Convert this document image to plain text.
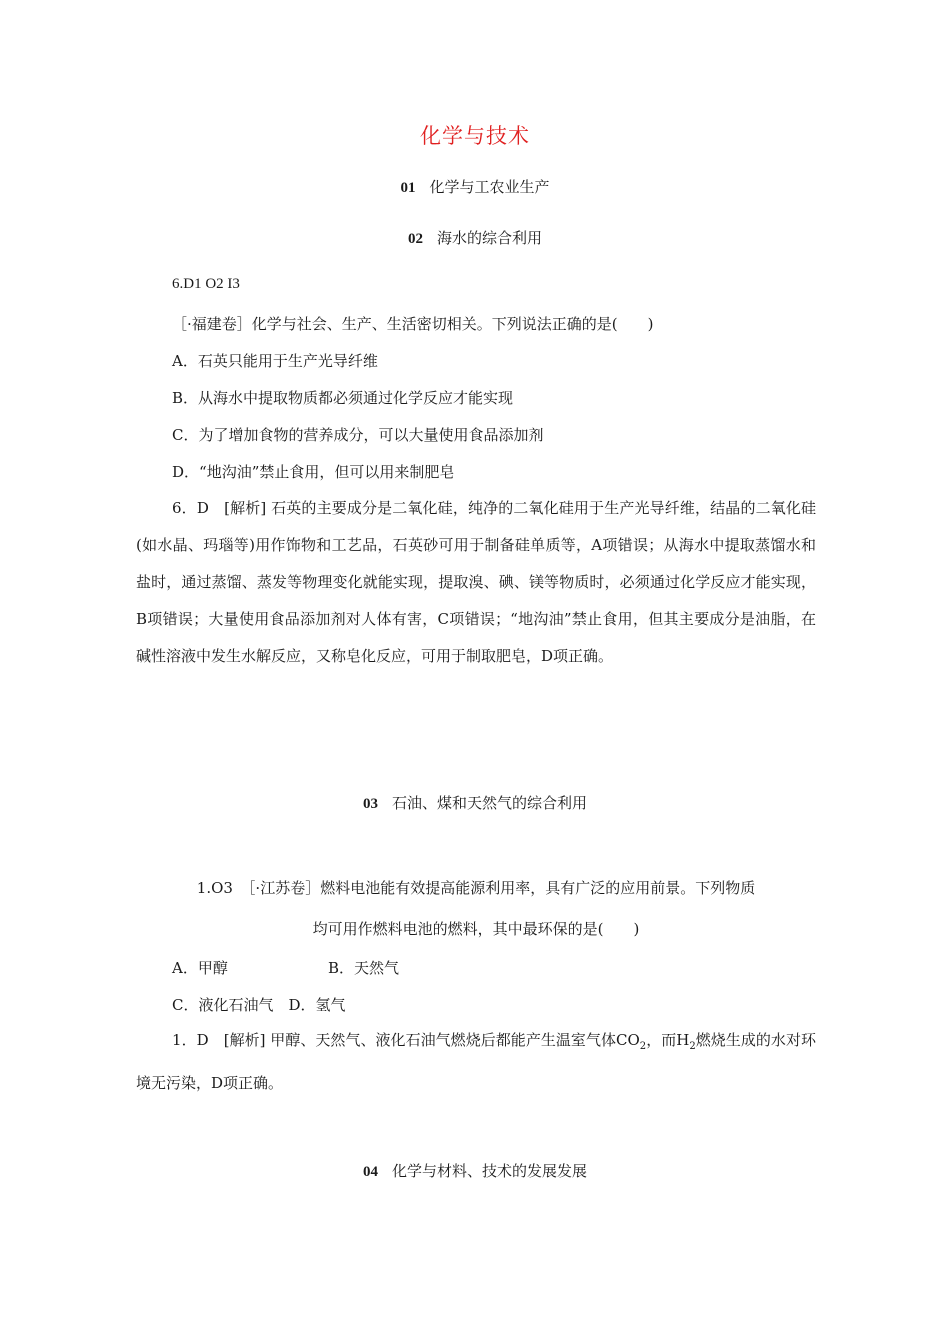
化学与技术
01 化学与工农业生产
02 海水的综合利用
6.D1 O2 I3
［·福建卷］化学与社会、生产、生活密切相关。下列说法正确的是(　　)
A．石英只能用于生产光导纤维
B．从海水中提取物质都必须通过化学反应才能实现
C．为了增加食物的营养成分，可以大量使用食品添加剂
D．“地沟油”禁止食用，但可以用来制肥皂
6．D　[解析] 石英的主要成分是二氧化硅，纯净的二氧化硅用于生产光导纤维，结晶的二氧化硅(如水晶、玛瑙等)用作饰物和工艺品，石英砂可用于制备硅单质等，A项错误；从海水中提取蒸馏水和盐时，通过蒸馏、蒸发等物理变化就能实现，提取溴、碘、镁等物质时，必须通过化学反应才能实现，B项错误；大量使用食品添加剂对人体有害，C项错误；“地沟油”禁止食用，但其主要成分是油脂，在碱性溶液中发生水解反应，又称皂化反应，可用于制取肥皂，D项正确。
03 石油、煤和天然气的综合利用
1.O3　［·江苏卷］燃料电池能有效提高能源利用率，具有广泛的应用前景。下列物质
均可用作燃料电池的燃料，其中最环保的是(　　)
A．甲醇	B．天然气
C．液化石油气　D．氢气
1．D　[解析] 甲醇、天然气、液化石油气燃烧后都能产生温室气体$CO_2$，而$H_2$燃烧生成的水对环境无污染，D项正确。
04 化学与材料、技术的发展发展
